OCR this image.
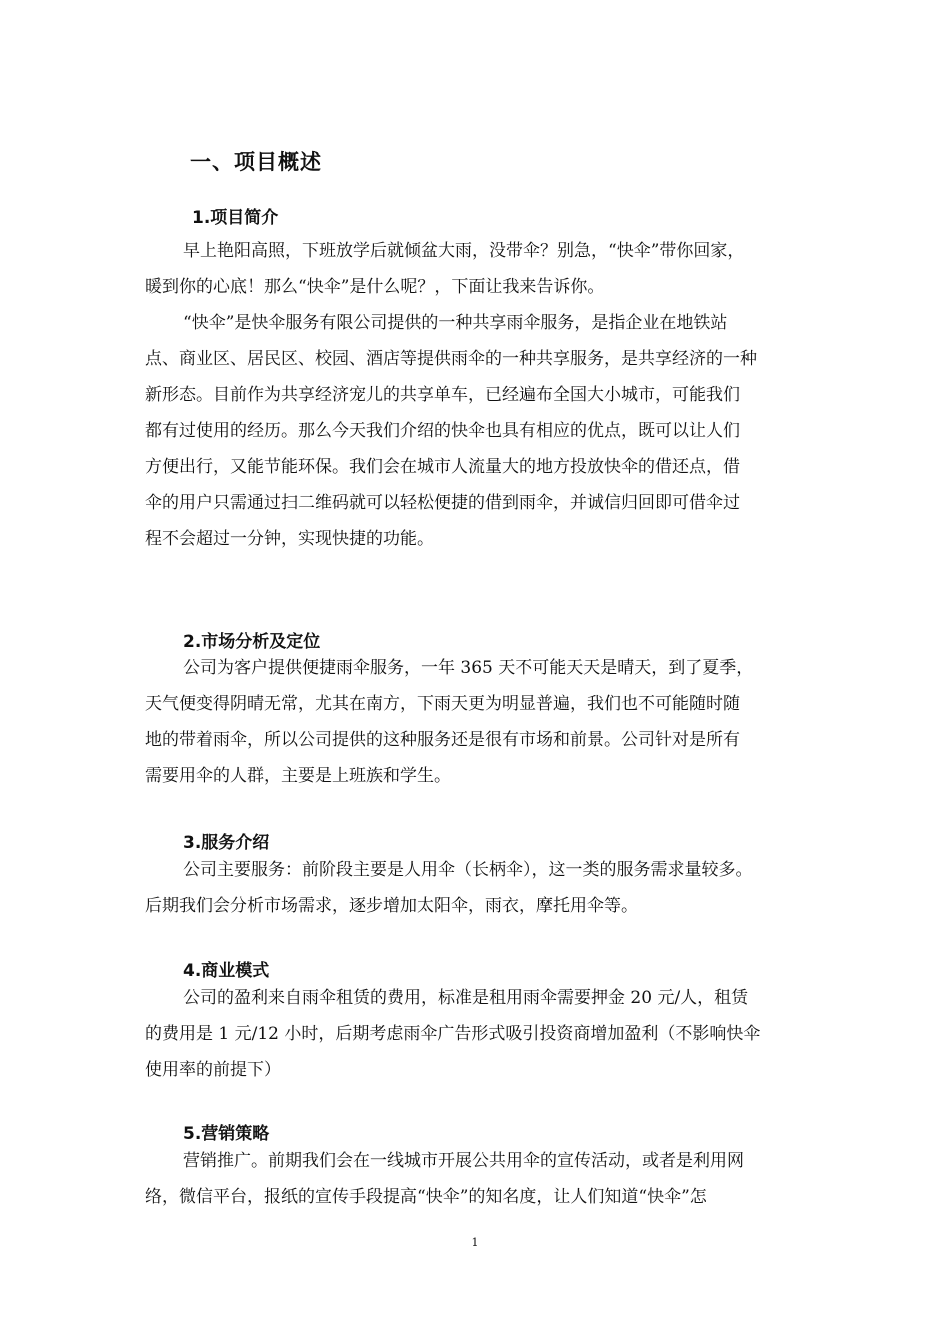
一、项目概述
1.项目简介
早上艳阳高照，下班放学后就倾盆大雨，没带伞？别急，“快伞”带你回家，
暖到你的心底！那么“快伞”是什么呢？，下面让我来告诉你。
“快伞”是快伞服务有限公司提供的一种共享雨伞服务，是指企业在地铁站
点、商业区、居民区、校园、酒店等提供雨伞的一种共享服务，是共享经济的一种
新形态。目前作为共享经济宠儿的共享单车，已经遍布全国大小城市，可能我们
都有过使用的经历。那么今天我们介绍的快伞也具有相应的优点，既可以让人们
方便出行，又能节能环保。我们会在城市人流量大的地方投放快伞的借还点，借
伞的用户只需通过扫二维码就可以轻松便捷的借到雨伞，并诚信归回即可借伞过
程不会超过一分钟，实现快捷的功能。
2.市场分析及定位
公司为客户提供便捷雨伞服务，一年 365 天不可能天天是晴天，到了夏季，
天气便变得阴晴无常，尤其在南方，下雨天更为明显普遍，我们也不可能随时随
地的带着雨伞，所以公司提供的这种服务还是很有市场和前景。公司针对是所有
需要用伞的人群，主要是上班族和学生。
3.服务介绍
公司主要服务：前阶段主要是人用伞（长柄伞），这一类的服务需求量较多。
后期我们会分析市场需求，逐步增加太阳伞，雨衣，摩托用伞等。
4.商业模式
公司的盈利来自雨伞租赁的费用，标准是租用雨伞需要押金 20 元/人，租赁
的费用是 1 元/12 小时，后期考虑雨伞广告形式吸引投资商增加盈利（不影响快伞
使用率的前提下）
5.营销策略
营销推广。前期我们会在一线城市开展公共用伞的宣传活动，或者是利用网
络，微信平台，报纸的宣传手段提高“快伞”的知名度，让人们知道“快伞”怎
1
